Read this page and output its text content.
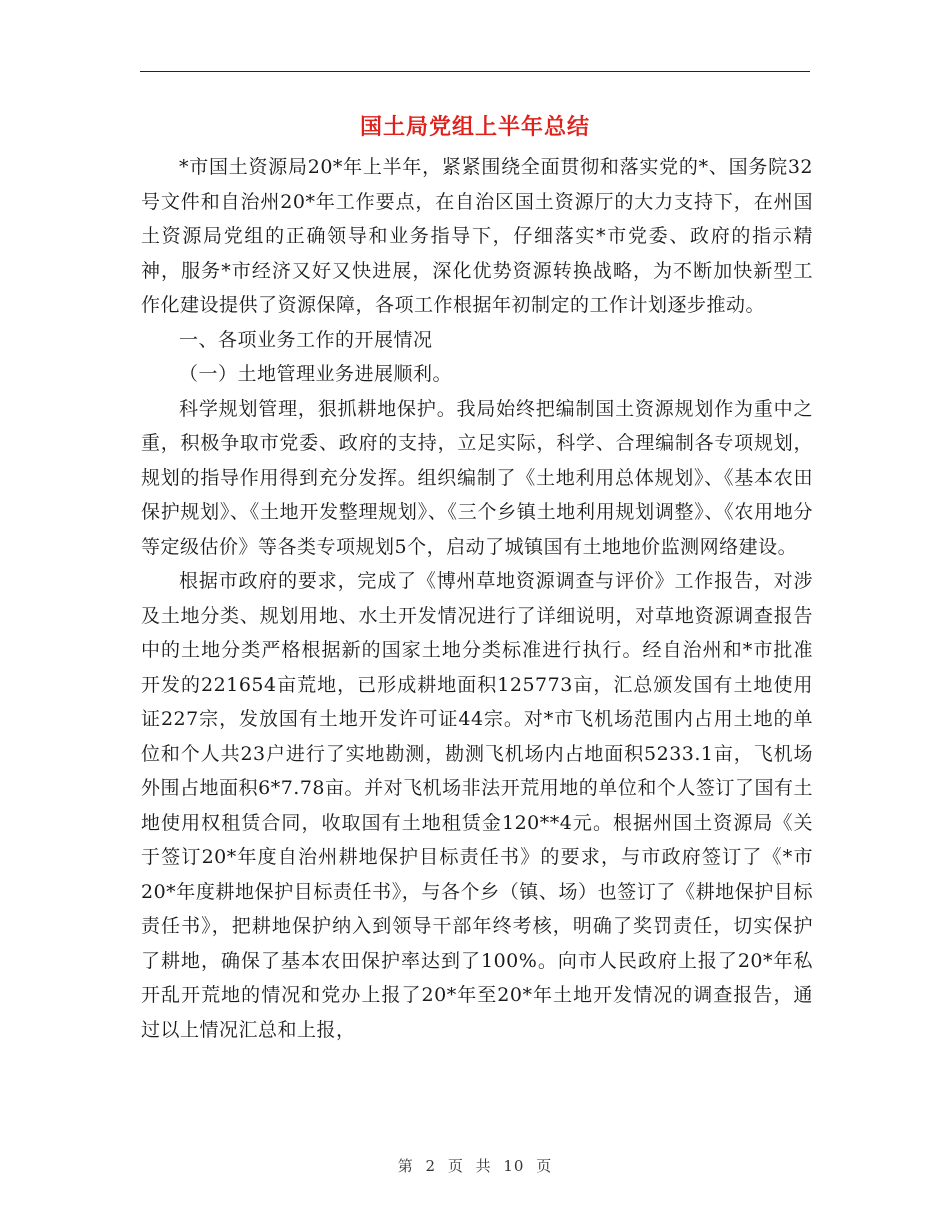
国土局党组上半年总结

*市国土资源局20*年上半年，紧紧围绕全面贯彻和落实党的*、国务院32号文件和自治州20*年工作要点，在自治区国土资源厅的大力支持下，在州国土资源局党组的正确领导和业务指导下，仔细落实*市党委、政府的指示精神，服务*市经济又好又快进展，深化优势资源转换战略，为不断加快新型工作化建设提供了资源保障，各项工作根据年初制定的工作计划逐步推动。

一、各项业务工作的开展情况

（一）土地管理业务进展顺利。

科学规划管理，狠抓耕地保护。我局始终把编制国土资源规划作为重中之重，积极争取市党委、政府的支持，立足实际，科学、合理编制各专项规划，规划的指导作用得到充分发挥。组织编制了《土地利用总体规划》、《基本农田保护规划》、《土地开发整理规划》、《三个乡镇土地利用规划调整》、《农用地分等定级估价》等各类专项规划5个，启动了城镇国有土地地价监测网络建设。

根据市政府的要求，完成了《博州草地资源调查与评价》工作报告，对涉及土地分类、规划用地、水土开发情况进行了详细说明，对草地资源调查报告中的土地分类严格根据新的国家土地分类标准进行执行。经自治州和*市批准开发的221654亩荒地，已形成耕地面积125773亩，汇总颁发国有土地使用证227宗，发放国有土地开发许可证44宗。对*市飞机场范围内占用土地的单位和个人共23户进行了实地勘测，勘测飞机场内占地面积5233.1亩，飞机场外围占地面积6*7.78亩。并对飞机场非法开荒用地的单位和个人签订了国有土地使用权租赁合同，收取国有土地租赁金120**4元。根据州国土资源局《关于签订20*年度自治州耕地保护目标责任书》的要求，与市政府签订了《*市20*年度耕地保护目标责任书》，与各个乡（镇、场）也签订了《耕地保护目标责任书》，把耕地保护纳入到领导干部年终考核，明确了奖罚责任，切实保护了耕地，确保了基本农田保护率达到了100%。向市人民政府上报了20*年私开乱开荒地的情况和党办上报了20*年至20*年土地开发情况的调查报告，通过以上情况汇总和上报，

第 2 页 共 10 页
